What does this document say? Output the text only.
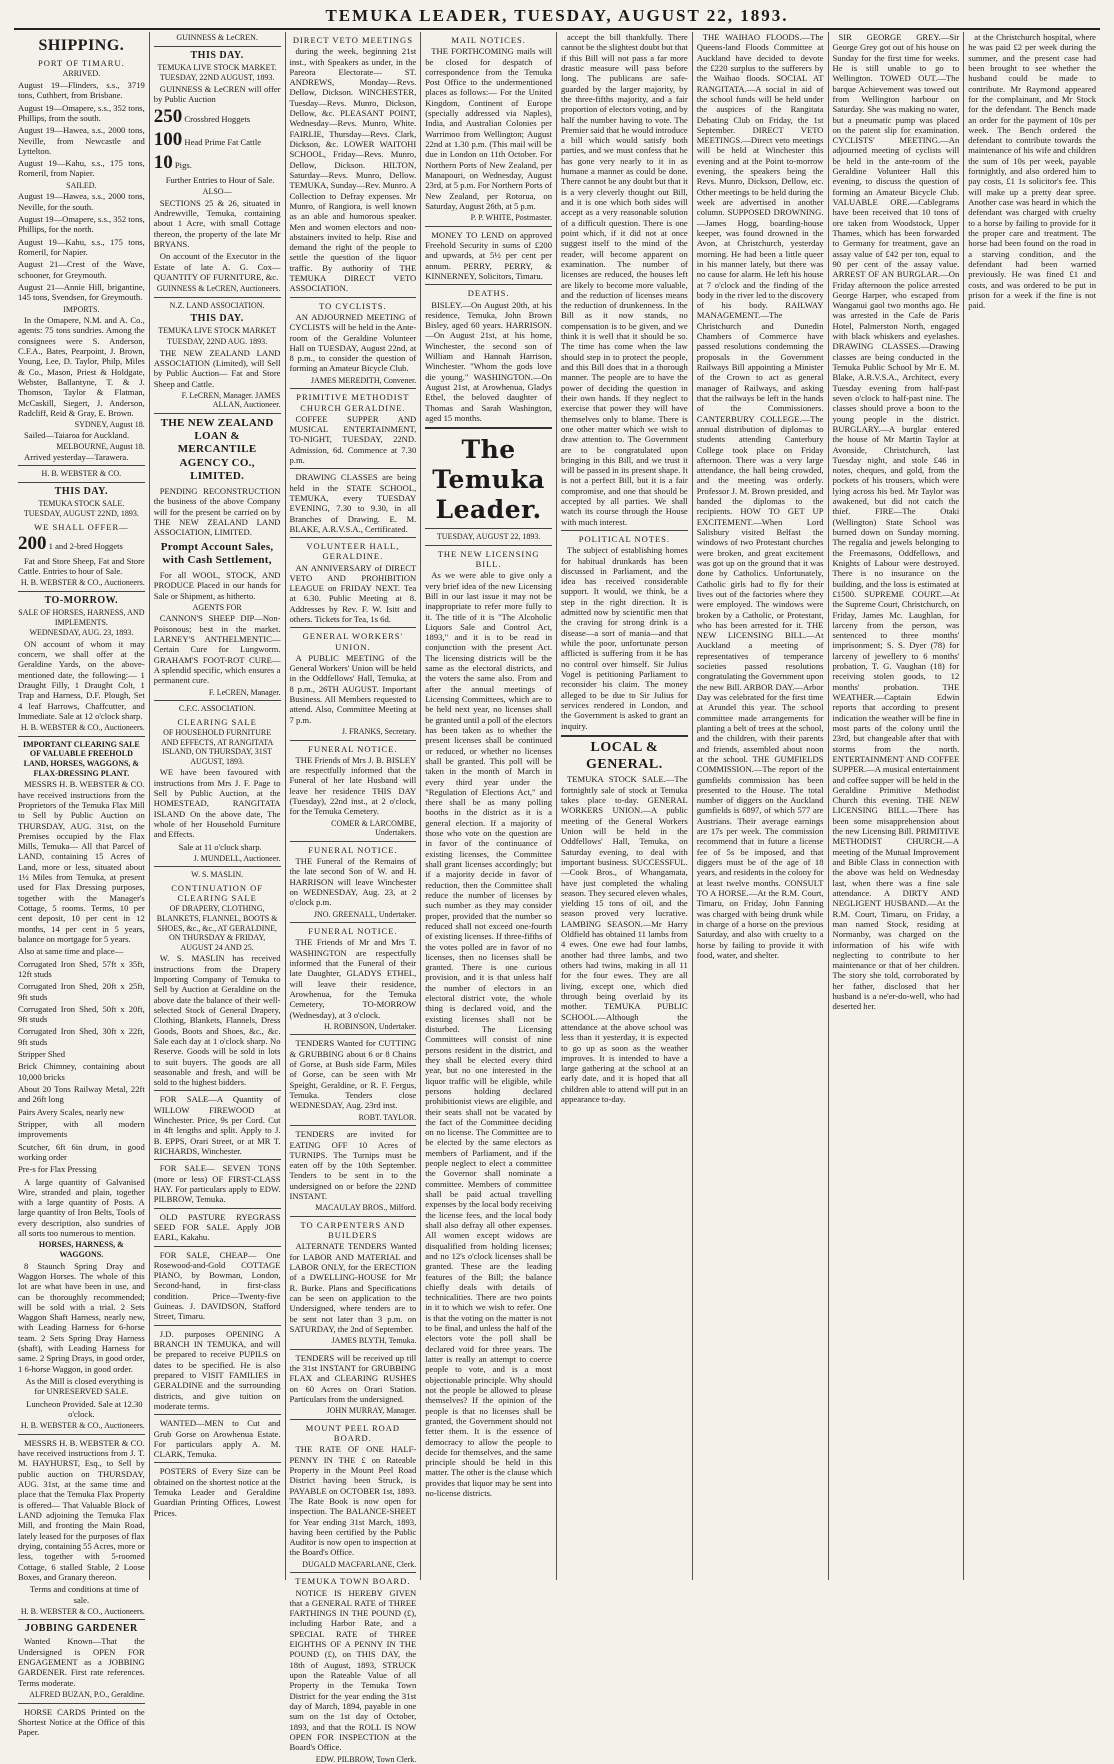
TEMUKA LEADER, TUESDAY, AUGUST 22, 1893.
SHIPPING.
PORT OF TIMARU.
ARRIVED.

August 19—Flinders, s.s., 3719 tons, Cuthbert, from Brisbane.

August 19—Omapere, s.s., 352 tons, Phillips, from the south.

August 19—Hawea, s.s., 2000 tons, Neville, from Newcastle and Lyttelton.

August 19—Kahu, s.s., 175 tons, Romeril, from Napier.

SAILED.

August 19—Hawea, s.s., 2000 tons, Neville, for the south.

August 19—Omapere, s.s., 352 tons, Phillips, for the north.

August 19—Kahu, s.s., 175 tons, Romeril, for Napier.

August 21—Crest of the Wave, schooner, for Greymouth.

August 21—Annie Hill, brigantine, 145 tons, Svendsen, for Greymouth.

IMPORTS.

In the Omapere, N.M. and A. Co., agents: 75 tons sundries. Among the consignees were S. Anderson, C.F.A., Bates, Pearpoint, J. Brown, Young, Lee, D. Taylor, Philp, Miles & Co., Mason, Priest & Holdgate, Webster, Ballantyne, T. & J. Thomson, Taylor & Flatman, McCaskill, Siegert, J. Anderson, Radcliff, Reid & Gray, E. Brown.

SYDNEY, August 18.

Sailed—Taiaroa for Auckland.

MELBOURNE, August 18.

Arrived yesterday—Tarawera.

H. B. WEBSTER & CO.
THIS DAY.
TEMUKA STOCK SALE.
TUESDAY, AUGUST 22ND, 1893.
WE SHALL OFFER—
200 1 and 2-bred Hoggets

Fat and Store Sheep, Fat and Store Cattle. Entries to hour of Sale.

H. B. WEBSTER & CO., Auctioneers.
TO-MORROW.
SALE OF HORSES, HARNESS, AND IMPLEMENTS.
WEDNESDAY, AUG. 23, 1893.

ON account of whom it may concern, we shall offer at the Geraldine Yards, on the above-mentioned date, the following:— 1 Draught Filly, 1 Draught Colt, 1 Trap and Harness, D.F. Plough, Set 4 leaf Harrows, Chaffcutter, and Immediate. Sale at 12 o'clock sharp.

H. B. WEBSTER & CO., Auctioneers.
IMPORTANT CLEARING SALE OF VALUABLE FREEHOLD LAND, HORSES, WAGGONS, & FLAX-DRESSING PLANT.

MESSRS H. B. WEBSTER & CO. have received instructions from the Proprietors of the Temuka Flax Mill to Sell by Public Auction on THURSDAY, AUG. 31st, on the Premises occupied by the Flax Mills, Temuka— All that Parcel of LAND, containing 15 Acres of Land, more or less, situated about 1½ Miles from Temuka, at present used for Flax Dressing purposes, together with the Manager's Cottage, 5 rooms. Terms, 10 per cent deposit, 10 per cent in 12 months, 14 per cent in 5 years, balance on mortgage for 5 years.

Also at same time and place—

Corrugated Iron Shed, 57ft x 35ft, 12ft studs

Corrugated Iron Shed, 20ft x 25ft, 9ft studs

Corrugated Iron Shed, 50ft x 20ft, 9ft studs

Corrugated Iron Shed, 30ft x 22ft, 9ft studs

Stripper Shed

Brick Chimney, containing about 10,000 bricks

About 20 Tons Railway Metal, 22ft and 26ft long

Pairs Avery Scales, nearly new

Stripper, with all modern improvements

Scutcher, 6ft 6in drum, in good working order

Pre-s for Flax Pressing

A large quantity of Galvanised Wire, stranded and plain, together with a large quantity of Posts. A large quantity of Iron Belts, Tools of every description, also sundries of all sorts too numerous to mention.

HORSES, HARNESS, & WAGGONS.

8 Staunch Spring Dray and Waggon Horses. The whole of this lot are what have been in use, and can be thoroughly recommended; will be sold with a trial. 2 Sets Waggon Shaft Harness, nearly new, with Leading Harness for 6-horse team. 2 Sets Spring Dray Harness (shaft), with Leading Harness for same. 2 Spring Drays, in good order, 1 6-horse Waggon, in good order.

As the Mill is closed everything is for UNRESERVED SALE.

Luncheon Provided. Sale at 12.30 o'clock.

H. B. WEBSTER & CO., Auctioneers.

MESSRS H. B. WEBSTER & CO. have received instructions from J. T. M. HAYHURST, Esq., to Sell by public auction on THURSDAY, AUG. 31st, at the same time and place that the Temuka Flax Property is offered— That Valuable Block of LAND adjoining the Temuka Flax Mill, and fronting the Main Road, lately leased for the purposes of flax drying, containing 55 Acres, more or less, together with 5-roomed Cottage, 6 stalled Stable, 2 Loose Boxes, and Granary thereon.

Terms and conditions at time of sale.

H. B. WEBSTER & CO., Auctioneers.
JOBBING GARDENER

Wanted Known—That the Undersigned is OPEN FOR ENGAGEMENT as a JOBBING GARDENER. First rate references. Terms moderate.

ALFRED BUZAN, P.O., Geraldine.

HORSE CARDS Printed on the Shortest Notice at the Office of this Paper.

GUINNESS & LeCREN.
THIS DAY.
TEMUKA LIVE STOCK MARKET.
TUESDAY, 22ND AUGUST, 1893.

GUINNESS & LeCREN will offer by Public Auction

250 Crossbred Hoggets
100 Head Prime Fat Cattle
10 Pigs.

Further Entries to Hour of Sale.

ALSO—

SECTIONS 25 & 26, situated in Andrewville, Temuka, containing about 1 Acre, with small Cottage thereon, the property of the late Mr BRYANS.

On account of the Executor in the Estate of late A. G. Cox— QUANTITY OF FURNITURE, &c.

GUINNESS & LeCREN, Auctioneers.
N.Z. LAND ASSOCIATION.
THIS DAY.
TEMUKA LIVE STOCK MARKET
TUESDAY, 22ND AUG. 1893.

THE NEW ZEALAND LAND ASSOCIATION (Limited), will Sell by Public Auction— Fat and Store Sheep and Cattle.

F. LeCREN, Manager. JAMES ALLAN, Auctioneer.
THE NEW ZEALAND LOAN & MERCANTILE AGENCY CO., LIMITED.

PENDING RECONSTRUCTION the business of the above Company will for the present be carried on by THE NEW ZEALAND LAND ASSOCIATION, LIMITED.

Prompt Account Sales, with Cash Settlement,

For all WOOL, STOCK, AND PRODUCE Placed in our hands for Sale or Shipment, as hitherto.

AGENTS FOR

CANNON'S SHEEP DIP—Non-Poisonous; best in the market. LARNEY'S ANTHELMENTIC—Certain Cure for Lungworm. GRAHAM'S FOOT-ROT CURE—A splendid specific, which ensures a permanent cure.

F. LeCREN, Manager.
C.F.C. ASSOCIATION.
CLEARING SALE
OF HOUSEHOLD FURNITURE AND EFFECTS, AT RANGITATA ISLAND, ON THURSDAY, 31ST AUGUST, 1893.

WE have been favoured with instructions from Mrs J. F. Page to Sell by Public Auction, at the HOMESTEAD, RANGITATA ISLAND On the above date, The whole of her Household Furniture and Effects.

Sale at 11 o'clock sharp.

J. MUNDELL, Auctioneer.
W. S. MASLIN.
CONTINUATION OF CLEARING SALE
OF DRAPERY, CLOTHING, BLANKETS, FLANNEL, BOOTS & SHOES, &c., &c., AT GERALDINE, ON THURSDAY & FRIDAY, AUGUST 24 AND 25.

W. S. MASLIN has received instructions from the Drapery Importing Company of Temuka to Sell by Auction at Geraldine on the above date the balance of their well-selected Stock of General Drapery, Clothing, Blankets, Flannels, Dress Goods, Boots and Shoes, &c., &c. Sale each day at 1 o'clock sharp. No Reserve. Goods will be sold in lots to suit buyers. The goods are all seasonable and fresh, and will be sold to the highest bidders.

FOR SALE—A Quantity of WILLOW FIREWOOD at Winchester. Price, 9s per Cord. Cut in 4ft lengths and split. Apply to J. B. EPPS, Orari Street, or at MR T. RICHARDS, Winchester.

FOR SALE— SEVEN TONS (more or less) OF FIRST-CLASS HAY. For particulars apply to EDW. PILBROW, Temuka.

OLD PASTURE RYEGRASS SEED FOR SALE. Apply JOB EARL, Kakahu.

FOR SALE, CHEAP— One Rosewood-and-Gold COTTAGE PIANO, by Bowman, London, Second-hand, in first-class condition. Price—Twenty-five Guineas. J. DAVIDSON, Stafford Street, Timaru.

J.D. purposes OPENING A BRANCH IN TEMUKA, and will be prepared to receive PUPILS on dates to be specified. He is also prepared to VISIT FAMILIES in GERALDINE and the surrounding districts, and give tuition on moderate terms.

WANTED—MEN to Cut and Grub Gorse on Arowhenua Estate. For particulars apply A. M. CLARK, Temuka.

POSTERS of Every Size can be obtained on the shortest notice at the Temuka Leader and Geraldine Guardian Printing Offices, Lowest Prices.

DIRECT VETO MEETINGS

during the week, beginning 21st inst., with Speakers as under, in the Pareora Electorate— ST. ANDREWS, Monday—Revs. Dellow, Dickson. WINCHESTER, Tuesday—Revs. Munro, Dickson, Dellow, &c. PLEASANT POINT, Wednesday—Revs. Munro, White. FAIRLIE, Thursday—Revs. Clark, Dickson, &c. LOWER WAITOHI SCHOOL, Friday—Revs. Munro, Dellow, Dickson. HILTON, Saturday—Revs. Munro, Dellow. TEMUKA, Sunday—Rev. Munro. A Collection to Defray expenses. Mr Munro, of Rangiora, is well known as an able and humorous speaker. Men and women electors and non-abstainers invited to help. Rise and demand the right of the people to settle the question of the liquor traffic. By authority of THE TEMUKA DIRECT VETO ASSOCIATION.

TO CYCLISTS.

AN ADJOURNED MEETING of CYCLISTS will be held in the Ante-room of the Geraldine Volunteer Hall on TUESDAY, August 22nd, at 8 p.m., to consider the question of forming an Amateur Bicycle Club.

JAMES MEREDITH, Convener.
PRIMITIVE METHODIST CHURCH GERALDINE.

COFFEE SUPPER AND MUSICAL ENTERTAINMENT, TO-NIGHT, TUESDAY, 22ND. Admission, 6d. Commence at 7.30 p.m.

DRAWING CLASSES are being held in the STATE SCHOOL, TEMUKA, every TUESDAY EVENING, 7.30 to 9.30, in all Branches of Drawing. E. M. BLAKE, A.R.V.S.A., Certificated.

VOLUNTEER HALL, GERALDINE.

AN ANNIVERSARY of DIRECT VETO AND PROHIBITION LEAGUE on FRIDAY NEXT. Tea at 6.30. Public Meeting at 8. Addresses by Rev. F. W. Isitt and others. Tickets for Tea, 1s 6d.

GENERAL WORKERS' UNION.

A PUBLIC MEETING of the General Workers' Union will be held in the Oddfellows' Hall, Temuka, at 8 p.m., 26TH AUGUST. Important Business. All Members requested to attend. Also, Committee Meeting at 7 p.m.

J. FRANKS, Secretary.
FUNERAL NOTICE.

THE Friends of Mrs J. B. BISLEY are respectfully informed that the Funeral of her late Husband will leave her residence THIS DAY (Tuesday), 22nd inst., at 2 o'clock, for the Temuka Cemetery.

COMER & LARCOMBE, Undertakers.
FUNERAL NOTICE.

THE Funeral of the Remains of the late second Son of W. and H. HARRISON will leave Winchester on WEDNESDAY, Aug. 23, at 2 o'clock p.m.

JNO. GREENALL, Undertaker.
FUNERAL NOTICE.

THE Friends of Mr and Mrs T. WASHINGTON are respectfully informed that the Funeral of their late Daughter, GLADYS ETHEL, will leave their residence, Arowhenua, for the Temuka Cemetery, TO-MORROW (Wednesday), at 3 o'clock.

H. ROBINSON, Undertaker.

TENDERS Wanted for CUTTING & GRUBBING about 6 or 8 Chains of Gorse, at Bush side Farm, Miles of Gorse, can be seen with Mr Speight, Geraldine, or R. F. Fergus, Temuka. Tenders close WEDNESDAY, Aug. 23rd inst.

ROBT. TAYLOR.

TENDERS are invited for EATING OFF 10 Acres of TURNIPS. The Turnips must be eaten off by the 10th September. Tenders to be sent in to the undersigned on or before the 22ND INSTANT.

MACAULAY BROS., Milford.
TO CARPENTERS AND BUILDERS

ALTERNATE TENDERS Wanted for LABOR AND MATERIAL and LABOR ONLY, for the ERECTION of a DWELLING-HOUSE for Mr R. Burke. Plans and Specifications can be seen on application to the Undersigned, where tenders are to be sent not later than 3 p.m. on SATURDAY, the 2nd of September.

JAMES BLYTH, Temuka.

TENDERS will be received up till the 31st INSTANT for GRUBBING FLAX and CLEARING RUSHES on 60 Acres on Orari Station. Particulars from the undersigned.

JOHN MURRAY, Manager.
MOUNT PEEL ROAD BOARD.

THE RATE OF ONE HALF-PENNY IN THE £ on Rateable Property in the Mount Peel Road District having been Struck, is PAYABLE on OCTOBER 1st, 1893. The Rate Book is now open for inspection. The BALANCE-SHEET for Year ending 31st March, 1893, having been certified by the Public Auditor is now open to inspection at the Board's Office.

DUGALD MACFARLANE, Clerk.
TEMUKA TOWN BOARD.

NOTICE IS HEREBY GIVEN that a GENERAL RATE of THREE FARTHINGS IN THE POUND (£), including Harbor Rate, and a SPECIAL RATE of THREE EIGHTHS OF A PENNY IN THE POUND (£), on THIS DAY, the 18th of August, 1893, STRUCK upon the Rateable Value of all Property in the Temuka Town District for the year ending the 31st day of March, 1894, payable in one sum on the 1st day of October, 1893, and that the ROLL IS NOW OPEN FOR INSPECTION at the Board's Office.

EDW. PILBROW, Town Clerk.
MAIL NOTICES.

THE FORTHCOMING mails will be closed for despatch of correspondence from the Temuka Post Office to the undermentioned places as follows:— For the United Kingdom, Continent of Europe (specially addressed via Naples), India, and Australian Colonies per Warrimoo from Wellington; August 22nd at 1.30 p.m. (This mail will be due in London on 11th October. For Northern Ports of New Zealand, per Manapouri, on Wednesday, August 23rd, at 5 p.m. For Northern Ports of New Zealand, per Rotorua, on Saturday, August 26th, at 5 p.m.

P. P. WHITE, Postmaster.

MONEY TO LEND on approved Freehold Security in sums of £200 and upwards, at 5½ per cent per annum. PERRY, PERRY, & KINNERNEY, Solicitors, Timaru.

DEATHS.

BISLEY.—On August 20th, at his residence, Temuka, John Brown Bisley, aged 60 years. HARRISON.—On August 21st, at his home, Winchester, the second son of William and Hannah Harrison, Winchester. "Whom the gods love die young." WASHINGTON.—On August 21st, at Arowhenua, Gladys Ethel, the beloved daughter of Thomas and Sarah Washington, aged 15 months.

The Temuka Leader.
TUESDAY, AUGUST 22, 1893.
THE NEW LICENSING BILL.

As we were able to give only a very brief idea of the new Licensing Bill in our last issue it may not be inappropriate to refer more fully to it. The title of it is "The Alcoholic Liquors Sale and Control Act, 1893," and it is to be read in conjunction with the present Act. The licensing districts will be the same as the electoral districts, and the voters the same also. From and after the annual meetings of Licensing Committees, which are to be held next year, no licenses shall be granted until a poll of the electors has been taken as to whether the present licenses shall be continued or reduced, or whether no licenses shall be granted. This poll will be taken in the month of March in every third year under the "Regulation of Elections Act," and there shall be as many polling booths in the district as it is a general election. If a majority of those who vote on the question are in favor of the continuance of existing licenses, the Committee shall grant licenses accordingly; but if a majority decide in favor of reduction, then the Committee shall reduce the number of licenses by such number as they may consider proper, provided that the number so reduced shall not exceed one-fourth of existing licenses. If three-fifths of the votes polled are in favor of no licenses, then no licenses shall be granted. There is one curious provision, and it is that unless half the number of electors in an electoral district vote, the whole thing is declared void, and the existing licenses shall not be disturbed. The Licensing Committees will consist of nine persons resident in the district, and they shall be elected every third year, but no one interested in the liquor traffic will be eligible, while persons holding declared prohibitionist views are eligible, and their seats shall not be vacated by the fact of the Committee deciding on no license. The Committee are to be elected by the same electors as members of Parliament, and if the people neglect to elect a committee the Governor shall nominate a committee. Members of committee shall be paid actual travelling expenses by the local body receiving the license fees, and the local body shall also defray all other expenses. All women except widows are disqualified from holding licenses; and no 12's o'clock licenses shall be granted. These are the leading features of the Bill; the balance chiefly deals with details of technicalities. There are two points in it to which we wish to refer. One is that the voting on the matter is not to be final, and unless the half of the electors vote the poll shall be declared void for three years. The latter is really an attempt to coerce people to vote, and is a most objectionable principle. Why should not the people be allowed to please themselves? If the opinion of the people is that no licenses shall be granted, the Government should not fetter them. It is the essence of democracy to allow the people to decide for themselves, and the same principle should be held in this matter. The other is the clause which provides that liquor may be sent into no-license districts.

accept the bill thankfully. There cannot be the slightest doubt but that if this Bill will not pass a far more drastic measure will pass before long. The publicans are safe-guarded by the larger majority, by the three-fifths majority, and a fair proportion of electors voting, and by half the number having to vote. The Premier said that he would introduce a bill which would satisfy both parties, and we must confess that he has gone very nearly to it in as humane a manner as could be done. There cannot be any doubt but that it is a very cleverly thought out Bill, and it is one which both sides will accept as a very reasonable solution of a difficult question. There is one point which, if it did not at once suggest itself to the mind of the reader, will become apparent on examination. The number of licenses are reduced, the houses left are likely to become more valuable, and the reduction of licenses means the reduction of drunkenness. In the Bill as it now stands, no compensation is to be given, and we think it is well that it should be so. The time has come when the law should step in to protect the people, and this Bill does that in a thorough manner. The people are to have the power of deciding the question in their own hands. If they neglect to exercise that power they will have themselves only to blame. There is one other matter which we wish to draw attention to. The Government are to be congratulated upon bringing in this Bill, and we trust it will be passed in its present shape. It is not a perfect Bill, but it is a fair compromise, and one that should be accepted by all parties. We shall watch its course through the House with much interest.

POLITICAL NOTES.

The subject of establishing homes for habitual drunkards has been discussed in Parliament, and the idea has received considerable support. It would, we think, be a step in the right direction. It is admitted now by scientific men that the craving for strong drink is a disease—a sort of mania—and that while the poor, unfortunate person afflicted is suffering from it he has no control over himself. Sir Julius Vogel is petitioning Parliament to reconsider his claim. The money alleged to be due to Sir Julius for services rendered in London, and the Government is asked to grant an inquiry.

LOCAL & GENERAL.

TEMUKA STOCK SALE.—The fortnightly sale of stock at Temuka takes place to-day. GENERAL WORKERS UNION.—A public meeting of the General Workers Union will be held in the Oddfellows' Hall, Temuka, on Saturday evening, to deal with important business. SUCCESSFUL.—Cook Bros., of Whangamata, have just completed the whaling season. They secured eleven whales, yielding 15 tons of oil, and the season proved very lucrative. LAMBING SEASON.—Mr Harry Oldfield has obtained 11 lambs from 4 ewes. One ewe had four lambs, another had three lambs, and two others had twins, making in all 11 for the four ewes. They are all living, except one, which died through being overlaid by its mother. TEMUKA PUBLIC SCHOOL.—Although the attendance at the above school was less than it yesterday, it is expected to go up as soon as the weather improves. It is intended to have a large gathering at the school at an early date, and it is hoped that all children able to attend will put in an appearance to-day.

THE WAIHAO FLOODS.—The Queens-land Floods Committee at Auckland have decided to devote the £220 surplus to the sufferers by the Waihao floods. SOCIAL AT RANGITATA.—A social in aid of the school funds will be held under the auspices of the Rangitata Debating Club on Friday, the 1st September. DIRECT VETO MEETINGS.—Direct veto meetings will be held at Winchester this evening and at the Point to-morrow evening, the speakers being the Revs. Munro, Dickson, Dellow, etc. Other meetings to be held during the week are advertised in another column. SUPPOSED DROWNING.—James Hogg, boarding-house keeper, was found drowned in the Avon, at Christchurch, yesterday morning. He had been a little queer in his manner lately, but there was no cause for alarm. He left his house at 7 o'clock and the finding of the body in the river led to the discovery of his body. RAILWAY MANAGEMENT.—The Christchurch and Dunedin Chambers of Commerce have passed resolutions condemning the proposals in the Government Railways Bill appointing a Minister of the Crown to act as general manager of Railways, and asking that the railways be left in the hands of the Commissioners. CANTERBURY COLLEGE.—The annual distribution of diplomas to students attending Canterbury College took place on Friday afternoon. There was a very large attendance, the hall being crowded, and the meeting was orderly. Professor J. M. Brown presided, and handed the diplomas to the recipients. HOW TO GET UP EXCITEMENT.—When Lord Salisbury visited Belfast the windows of two Protestant churches were broken, and great excitement was got up on the ground that it was done by Catholics. Unfortunately, Catholic girls had to fly for their lives out of the factories where they were employed. The windows were broken by a Catholic, or Protestant, who has been arrested for it. THE NEW LICENSING BILL.—At Auckland a meeting of representatives of temperance societies passed resolutions congratulating the Government upon the new Bill. ARBOR DAY.—Arbor Day was celebrated for the first time at Arundel this year. The school committee made arrangements for planting a belt of trees at the school, and the children, with their parents and friends, assembled about noon at the school. THE GUMFIELDS COMMISSION.—The report of the gumfields commission has been presented to the House. The total number of diggers on the Auckland gumfields is 6897, of which 577 are Austrians. Their average earnings are 17s per week. The commission recommend that in future a license fee of 5s be imposed, and that diggers must be of the age of 18 years, and residents in the colony for at least twelve months. CONSULT TO A HORSE.—At the R.M. Court, Timaru, on Friday, John Fanning was charged with being drunk while in charge of a horse on the previous Saturday, and also with cruelty to a horse by failing to provide it with food, water, and shelter.

SIR GEORGE GREY.—Sir George Grey got out of his house on Sunday for the first time for weeks. He is still unable to go to Wellington. TOWED OUT.—The barque Achievement was towed out from Wellington harbour on Saturday. She was making no water, but a pneumatic pump was placed on the patent slip for examination. CYCLISTS' MEETING.—An adjourned meeting of cyclists will be held in the ante-room of the Geraldine Volunteer Hall this evening, to discuss the question of forming an Amateur Bicycle Club. VALUABLE ORE.—Cablegrams have been received that 10 tons of ore taken from Woodstock, Upper Thames, which has been forwarded to Germany for treatment, gave an assay value of £42 per ton, equal to 90 per cent of the assay value. ARREST OF AN BURGLAR.—On Friday afternoon the police arrested George Harper, who escaped from Wanganui gaol two months ago. He was arrested in the Cafe de Paris Hotel, Palmerston North, engaged with black whiskers and eyelashes. DRAWING CLASSES.—Drawing classes are being conducted in the Temuka Public School by Mr E. M. Blake, A.R.V.S.A., Architect, every Tuesday evening from half-past seven o'clock to half-past nine. The classes should prove a boon to the young people in the district. BURGLARY.—A burglar entered the house of Mr Martin Taylor at Avonside, Christchurch, last Tuesday night, and stole £46 in notes, cheques, and gold, from the pockets of his trousers, which were lying across his bed. Mr Taylor was awakened, but did not catch the thief. FIRE—The Otaki (Wellington) State School was burned down on Sunday morning. The regalia and jewels belonging to the Freemasons, Oddfellows, and Knights of Labour were destroyed. There is no insurance on the building, and the loss is estimated at £1500. SUPREME COURT.—At the Supreme Court, Christchurch, on Friday, James Mc. Laughlan, for larceny from the person, was sentenced to three months' imprisonment; S. S. Dyer (78) for larceny of jewellery to 6 months' probation, T. G. Vaughan (18) for receiving stolen goods, to 12 months' probation. THE WEATHER.—Captain Edwin reports that according to present indication the weather will be fine in most parts of the colony until the 23rd, but changeable after that with storms from the north. ENTERTAINMENT AND COFFEE SUPPER.—A musical entertainment and coffee supper will be held in the Geraldine Primitive Methodist Church this evening. THE NEW LICENSING BILL.—There has been some misapprehension about the new Licensing Bill. PRIMITIVE METHODIST CHURCH.—A meeting of the Mutual Improvement and Bible Class in connection with the above was held on Wednesday last, when there was a fine sale attendance. A DIRTY AND NEGLIGENT HUSBAND.—At the R.M. Court, Timaru, on Friday, a man named Stock, residing at Normanby, was charged on the information of his wife with neglecting to contribute to her maintenance or that of her children. The story she told, corroborated by her father, disclosed that her husband is a ne'er-do-well, who had deserted her.

at the Christchurch hospital, where he was paid £2 per week during the summer, and the present case had been brought to see whether the husband could be made to contribute. Mr Raymond appeared for the complainant, and Mr Stock for the defendant. The Bench made an order for the payment of 10s per week. The Bench ordered the defendant to contribute towards the maintenance of his wife and children the sum of 10s per week, payable fortnightly, and also ordered him to pay costs, £1 1s solicitor's fee. This will make up a pretty dear spree. Another case was heard in which the defendant was charged with cruelty to a horse by failing to provide for it the proper care and treatment. The horse had been found on the road in a starving condition, and the defendant had been warned previously. He was fined £1 and costs, and was ordered to be put in prison for a week if the fine is not paid.
